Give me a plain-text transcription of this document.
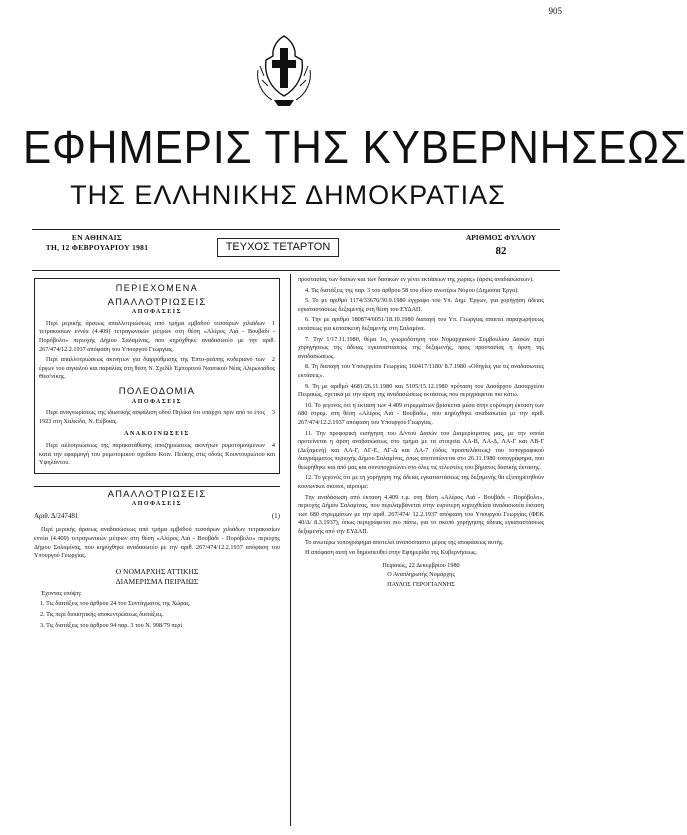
905
ΕΦΗΜΕΡΙΣ ΤΗΣ ΚΥΒΕΡΝΗΣΕΩΣ
ΤΗΣ ΕΛΛΗΝΙΚΗΣ ΔΗΜΟΚΡΑΤΙΑΣ
ΕΝ ΑΘΗΝΑΙΣ
ΤΗ, 12 ΦΕΒΡΟΥΑΡΙΟΥ 1981	ΤΕΥΧΟΣ ΤΕΤΑΡΤΟΝ
ΑΡΙΘΜΟΣ ΦΥΛΛΟΥ
82
ΠΕΡΙΕΧΟΜΕΝΑ
ΑΠΑΛΛΟΤΡΙΩΣΕΙΣ
ΑΠΟΦΑΣΕΙΣ

1
Περί μερικής άρσεως απαλλοτριώσεως από τμήμα εμβαδού τεσσάρων χιλιάδων τετρακοσίων εννέα (4.409) τετραγωνικών μέτρων στη θέση «Αλέρος Λιά - Βουβάδι - Πορόβολο» περιοχής Δήμου Σαλαμίνας, που κηρύχθηκε αναδασωτέο με την αριθ. 267/474/12.2.1937 απόφαση του Υπουργού Γεωργίας.

2
Περί απαλλοτριώσεως ακινήτων για διαρρύθμισης της Έπτο-ρεάπης κυδεριανό των έργων του αιγιαλού και παραλίας στη θέση Ν. Σχεδίλ Έμποριτού Ναυτικού Νέας Αλιρωνιάδος Θεσ/νίκης.

ΠΟΛΕΟΔΟΜΙΑ
ΑΠΟΦΑΣΕΙΣ

3
Περί αναγνωρίσεως της ιδιωτικής ασφάλιση οδού Πηλίκα ότι υπάρχει πριν από το έτος 1923 στη Χαλκίδα, Ν. Εύβοιας.

ΑΝΑΚΟΙΝΩΣΕΙΣ

4
Περί αλλοτριώσεως της παρακατάθεσης αποζημιώσεως ακινήτων ρυμοτομούμενων κατά την εφαρμογή του ρυμοτομικού σχεδίου Κοιν. Πεύκης στις οδούς Κουντουριώτου και Υψηλάντου.

ΑΠΑΛΛΟΤΡΙΩΣΕΙΣ
ΑΠΟΦΑΣΕΙΣ
Αριθ. Δ/247481	(1)

Περί μερικής άρσεως αναδασώσεως από τμήμα εμβαδού τεσσάρων χιλιάδων τετρακοσίων εννέα (4.409) τετραγωνικών μέτρων στη θέση «Αλέρος Λιά - Βουβάδι - Πορόβολο» περιοχής Δήμου Σαλαμίνας, που κηρύχθηκε αναδασωτέο με την αριθ. 267/474/12.2.1937 απόφαση του Υπουργού Γεωργίας.

Ο ΝΟΜΑΡΧΗΣ ΑΤΤΙΚΗΣ
ΔΙΑΜΕΡΙΣΜΑ ΠΕΙΡΑΙΩΣ

Έχοντας υπόψη:

1. Τις διατάξεις του άρθρου 24 του Συντάγματος της Χώρας.

2. Τις περί διοικητικής αποκεντρώσεως διατάξεις.

3. Τις διατάξεις του άρθρου 94 παρ. 3 του Ν. 998/79 περί

προστασίας των δασών και των δασικών εν γένει εκτάσεων της χώρας» (άρσις αναδασώσεων).

4. Τις διατάξεις της παρ. 3 του άρθρου 58 του ιδίου ανωτέρω Νόμου (Δημόσια Έργα).

5. Το με αριθμό 1174/33676/30.9.1980 έγγραφο του Υπ. Δημ. Έργων, για χορήγηση άδειας εγκαταστάσεως δεξαμενής στη θέση του ΕΥΔΑΠ.

6. Την με αριθμό 180874/6051/18.10.1980 διαταγή του Υπ. Γεωργίας απαιτεί παραχωρήσεως εκτάσεως για κατασκευή δεξαμενής στη Σαλαμίνα.

7. Την 1/17.11.1980, θέμα 1ο, γνωμοδότηση του Νομαρχιακού Συμβουλίου Δασών περί χορηγήσεως της άδειας εγκαταστάσεως της δεξαμενής, προς προστασίας η άρση της αναδασώσεως.

8. Τη διαταγή του Υπουργείου Γεωργίας 160417/1180/ 8.7.1980 «Οδηγίες για τις αναδασωτέες εκτάσεις».

9. Τη με αριθμό 4681/26.11.1980 και 5105/15.12.1980 πρόταση του Δασάρχου Δασαρχείου Πειραιώς, σχετικά με την άρση της αναδασώσεως εκτάσεως που περιγράφεται πιο κάτω.

10. Το γεγονός ότι η έκταση των 4.409 στρεμμάτων βρίσκεται μέσα στην ευρύτερη έκταση των 680 στρεμ. στη θέση «Αλέρος Λιά - Βουβάδι», που κηρύχθηκε αναδασωτέα με την αριθ. 267/474/12.2.1937 απόφαση του Υπουργού Γεωργίας.

11. Την προφορική εισήγηση του Δ/ντού Δασών του Διαμερίσματος μας, με την οποία προτείνεται η άρση αναδασώσεως στο τμήμα με τα στοιχεία ΛΑ-Β, ΛΑ-Δ, ΛΑ-Γ και ΛΒ-Γ (Δεξαμενή) και ΛΑ-Γ, ΛΓ-Ε, ΛΓ-Δ και ΛΑ-7 (όδος προσπελάσεως) του τοπογραφικού διαγράμματος περιοχής Δήμου Σαλαμίνας, όπως αποτυπώνεται στο 26.11.1980 τοπογράφημα, που θεωρήθηκε και από μας και συνυποχρεώνει στο όλες τις τέλεστέες του βήματος δασικής έκτασης.

12. Το γεγονός ότι με τη χορήγηση της άδειας εγκαταστάσεως της δεξαμενής θα εξυπηρετηθούν κοινωνικοί σκοποί, αίρουμε:

Την αναδάσωση από έκταση 4.409 τ.μ. στη θέση «Αλέρος Λιά - Βουβάδι - Πορόβολο», περιοχής Δήμου Σαλαμίνας, που περιλαμβάνεται στην ευρύτερη κηρυχθείσα αναδασωτέα έκταση των 680 στρεμμάτων με την αριθ. 267/474/ 12.2.1937 απόφαση του Υπουργού Γεωργίας (ΦΕΚ 40/Δ/ 8.3.1937), όπως περιγράφεται πιο πάνω, για το σκοπό χορήγησης άδειας εγκαταστάσεως δεξαμενής από την ΕΥΔΑΠ.

Το ανωτέρω τοπογράφημα αποτελεί αναπόσπαστο μέρος της αποφάσεως αυτής.

Η απόφαση αυτή να δημοσιευθεί στην Εφημερίδα της Κυβερνήσεως.

Πειραιώς, 22 Δεκεμβρίου 1980
Ο Αναπληρωτής Νομάρχης
ΠΑΥΛΟΣ ΓΕΡΟΓΙΑΝΝΗΣ
